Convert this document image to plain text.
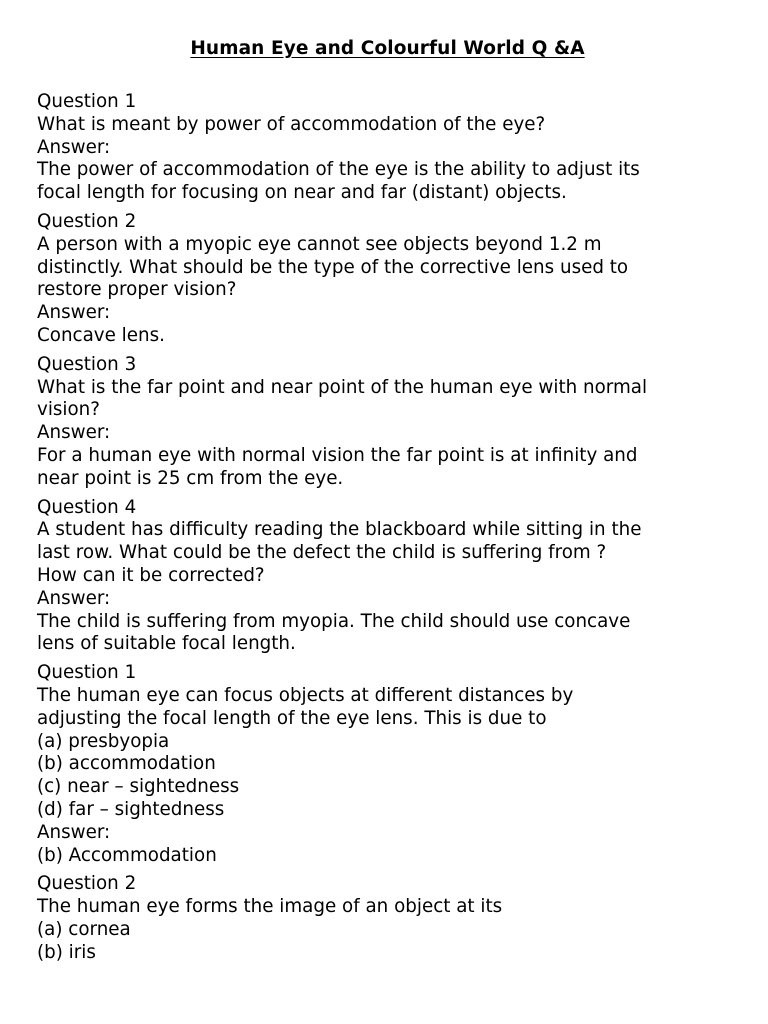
Human Eye and Colourful World Q &A
Question 1
What is meant by power of accommodation of the eye?
Answer:
The power of accommodation of the eye is the ability to adjust its
focal length for focusing on near and far (distant) objects.
Question 2
A person with a myopic eye cannot see objects beyond 1.2 m
distinctly. What should be the type of the corrective lens used to
restore proper vision?
Answer:
Concave lens.
Question 3
What is the far point and near point of the human eye with normal
vision?
Answer:
For a human eye with normal vision the far point is at infinity and
near point is 25 cm from the eye.
Question 4
A student has difficulty reading the blackboard while sitting in the
last row. What could be the defect the child is suffering from ?
How can it be corrected?
Answer:
The child is suffering from myopia. The child should use concave
lens of suitable focal length.
Question 1
The human eye can focus objects at different distances by
adjusting the focal length of the eye lens. This is due to
(a) presbyopia
(b) accommodation
(c) near – sightedness
(d) far – sightedness
Answer:
(b) Accommodation
Question 2
The human eye forms the image of an object at its
(a) cornea
(b) iris
